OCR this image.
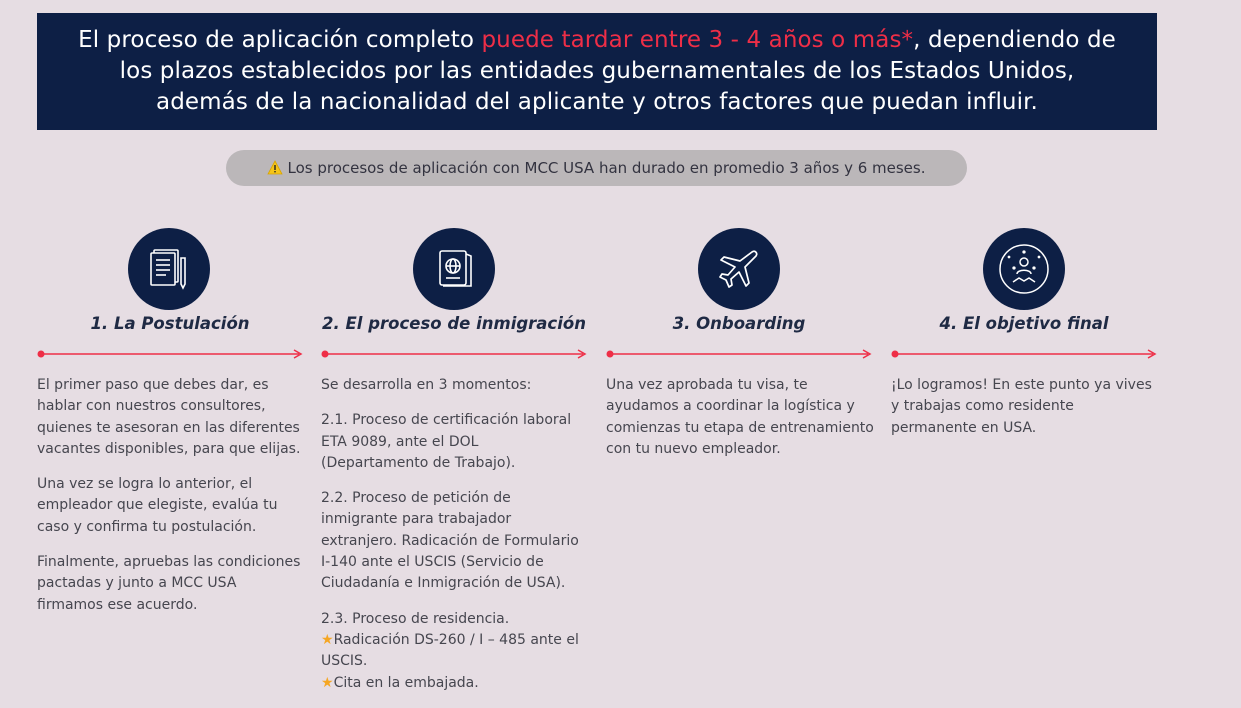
El proceso de aplicación completo puede tardar entre 3 - 4 años o más*, dependiendo de
los plazos establecidos por las entidades gubernamentales de los Estados Unidos,
además de la nacionalidad del aplicante y otros factores que puedan influir.
Los procesos de aplicación con MCC USA han durado en promedio 3 años y 6 meses.
1. La Postulación

El primer paso que debes dar, es hablar con nuestros consultores, quienes te asesoran en las diferentes vacantes disponibles, para que elijas.

Una vez se logra lo anterior, el empleador que elegiste, evalúa tu caso y confirma tu postulación.

Finalmente, apruebas las condiciones pactadas y junto a MCC USA firmamos ese acuerdo.

2. El proceso de inmigración

Se desarrolla en 3 momentos:

2.1. Proceso de certificación laboral ETA 9089, ante el DOL (Departamento de Trabajo).

2.2. Proceso de petición de inmigrante para trabajador extranjero. Radicación de Formulario I-140 ante el USCIS (Servicio de Ciudadanía e Inmigración de USA).

2.3. Proceso de residencia.
★Radicación DS-260 / I – 485 ante el USCIS.
★Cita en la embajada.

3. Onboarding

Una vez aprobada tu visa, te ayudamos a coordinar la logística y comienzas tu etapa de entrenamiento con tu nuevo empleador.

4. El objetivo final

¡Lo logramos! En este punto ya vives y trabajas como residente permanente en USA.
